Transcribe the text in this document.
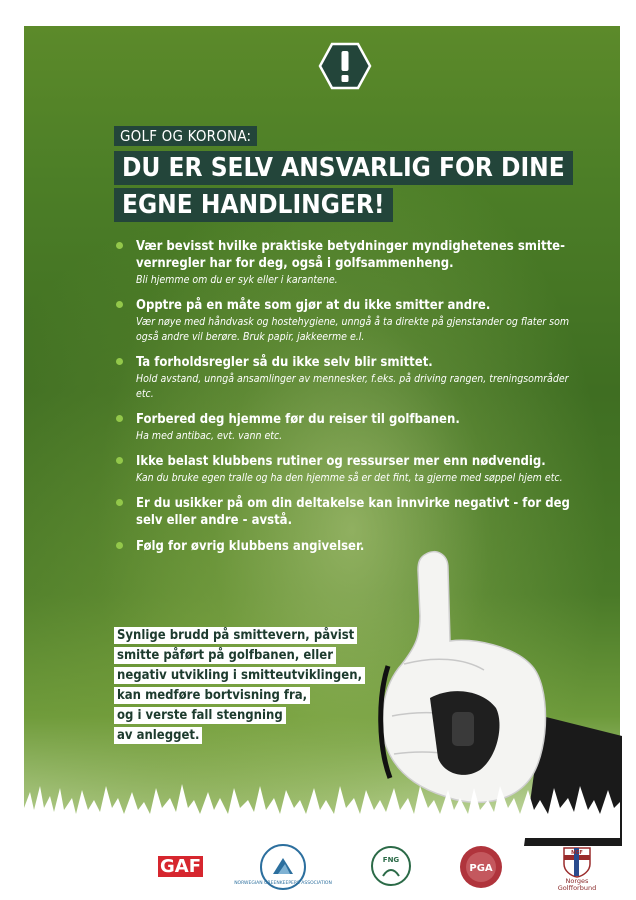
GOLF OG KORONA:
DU ER SELV ANSVARLIG FOR DINE
EGNE HANDLINGER!
Vær bevisst hvilke praktiske betydninger myndighetenes smitte-vernregler har for deg, også i golfsammenheng.
Bli hjemme om du er syk eller i karantene.
Opptre på en måte som gjør at du ikke smitter andre.
Vær nøye med håndvask og hostehygiene, unngå å ta direkte på gjenstander og flater som også andre vil berøre. Bruk papir, jakkeerme e.l.
Ta forholdsregler så du ikke selv blir smittet.
Hold avstand, unngå ansamlinger av mennesker, f.eks. på driving rangen, treningsområder etc.
Forbered deg hjemme før du reiser til golfbanen.
Ha med antibac, evt. vann etc.
Ikke belast klubbens rutiner og ressurser mer enn nødvendig.
Kan du bruke egen tralle og ha den hjemme så er det fint, ta gjerne med søppel hjem etc.
Er du usikker på om din deltakelse kan innvirke negativt - for deg selv eller andre - avstå.
Følg for øvrig klubbens angivelser.
Synlige brudd på smittevern, påvist
smitte påført på golfbanen, eller
negativ utvikling i smitteutviklingen,
kan medføre bortvisning fra,
og i verste fall stengning
av anlegget.
GAF
NORWEGIAN GREENKEEPERS ASSOCIATION
FNG
PGA
NGF
Norges
Golfforbund
